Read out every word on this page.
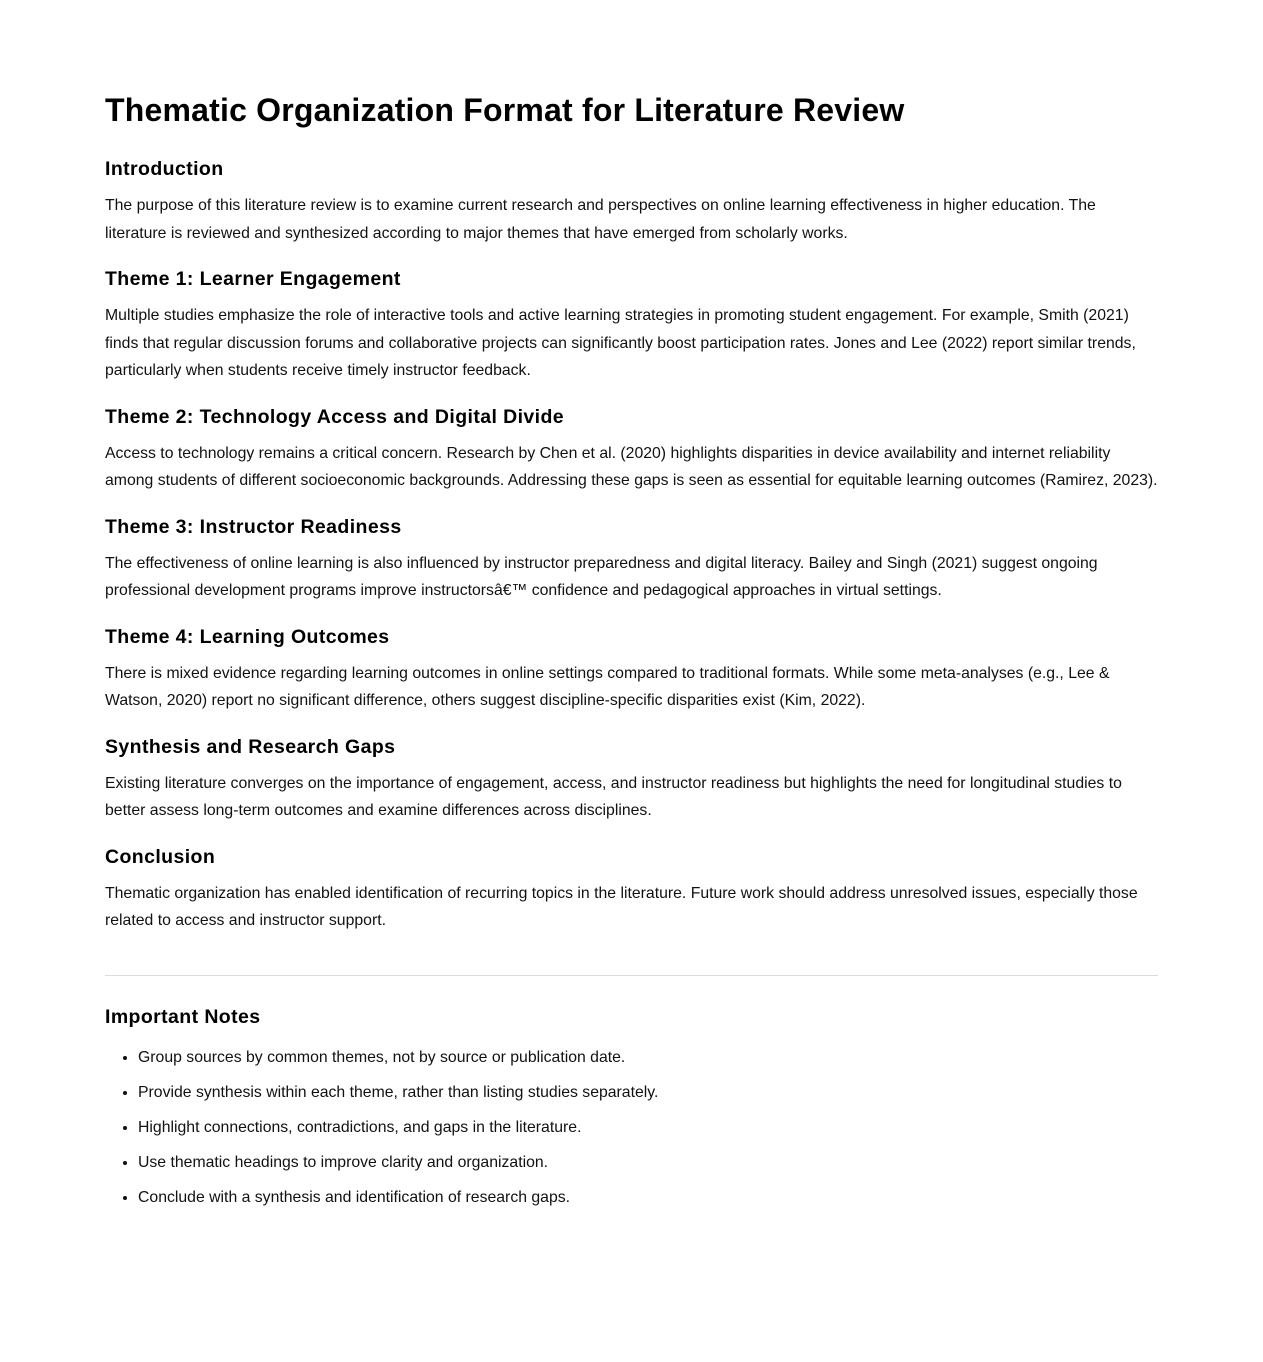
Thematic Organization Format for Literature Review
Introduction

The purpose of this literature review is to examine current research and perspectives on online learning effectiveness in higher education. The literature is reviewed and synthesized according to major themes that have emerged from scholarly works.

Theme 1: Learner Engagement

Multiple studies emphasize the role of interactive tools and active learning strategies in promoting student engagement. For example, Smith (2021) finds that regular discussion forums and collaborative projects can significantly boost participation rates. Jones and Lee (2022) report similar trends, particularly when students receive timely instructor feedback.

Theme 2: Technology Access and Digital Divide

Access to technology remains a critical concern. Research by Chen et al. (2020) highlights disparities in device availability and internet reliability among students of different socioeconomic backgrounds. Addressing these gaps is seen as essential for equitable learning outcomes (Ramirez, 2023).

Theme 3: Instructor Readiness

The effectiveness of online learning is also influenced by instructor preparedness and digital literacy. Bailey and Singh (2021) suggest ongoing professional development programs improve instructorsâ€™ confidence and pedagogical approaches in virtual settings.

Theme 4: Learning Outcomes

There is mixed evidence regarding learning outcomes in online settings compared to traditional formats. While some meta-analyses (e.g., Lee & Watson, 2020) report no significant difference, others suggest discipline-specific disparities exist (Kim, 2022).

Synthesis and Research Gaps

Existing literature converges on the importance of engagement, access, and instructor readiness but highlights the need for longitudinal studies to better assess long-term outcomes and examine differences across disciplines.

Conclusion

Thematic organization has enabled identification of recurring topics in the literature. Future work should address unresolved issues, especially those related to access and instructor support.

Important Notes
• Group sources by common themes, not by source or publication date.
• Provide synthesis within each theme, rather than listing studies separately.
• Highlight connections, contradictions, and gaps in the literature.
• Use thematic headings to improve clarity and organization.
• Conclude with a synthesis and identification of research gaps.
